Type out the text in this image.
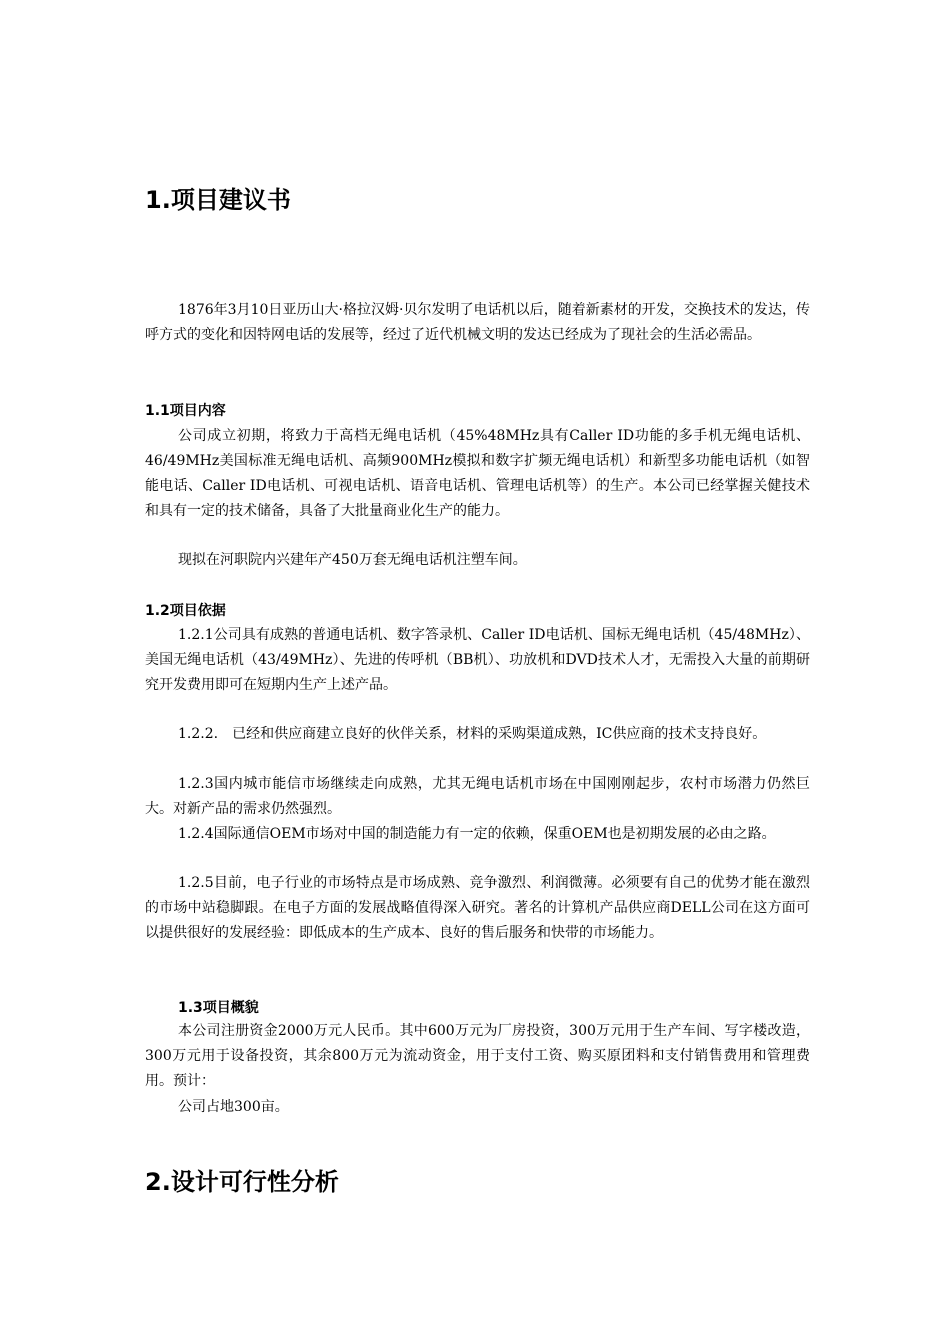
1.项目建议书

1876年3月10日亚历山大·格拉汉姆·贝尔发明了电话机以后，随着新素材的开发，交换技术的发达，传呼方式的变化和因特网电话的发展等，经过了近代机械文明的发达已经成为了现社会的生活必需品。

1.1项目内容

公司成立初期，将致力于高档无绳电话机（45%48MHz具有Caller ID功能的多手机无绳电话机、46/49MHz美国标准无绳电话机、高频900MHz模拟和数字扩频无绳电话机）和新型多功能电话机（如智能电话、Caller ID电话机、可视电话机、语音电话机、管理电话机等）的生产。本公司已经掌握关健技术和具有一定的技术储备，具备了大批量商业化生产的能力。

现拟在河职院内兴建年产450万套无绳电话机注塑车间。

1.2项目依据

1.2.1公司具有成熟的普通电话机、数字答录机、Caller ID电话机、国标无绳电话机（45/48MHz）、美国无绳电话机（43/49MHz）、先进的传呼机（BB机）、功放机和DVD技术人才，无需投入大量的前期研究开发费用即可在短期内生产上述产品。

1.2.2.　已经和供应商建立良好的伙伴关系，材料的采购渠道成熟，IC供应商的技术支持良好。

1.2.3国内城市能信市场继续走向成熟，尤其无绳电话机市场在中国刚刚起步，农村市场潜力仍然巨大。对新产品的需求仍然强烈。

1.2.4国际通信OEM市场对中国的制造能力有一定的依赖，保重OEM也是初期发展的必由之路。

1.2.5目前，电子行业的市场特点是市场成熟、竞争激烈、利润微薄。必须要有自己的优势才能在激烈的市场中站稳脚跟。在电子方面的发展战略值得深入研究。著名的计算机产品供应商DELL公司在这方面可以提供很好的发展经验：即低成本的生产成本、良好的售后服务和快带的市场能力。

1.3项目概貌

本公司注册资金2000万元人民币。其中600万元为厂房投资，300万元用于生产车间、写字楼改造，300万元用于设备投资，其余800万元为流动资金，用于支付工资、购买原团料和支付销售费用和管理费用。预计：

公司占地300亩。

2.设计可行性分析
